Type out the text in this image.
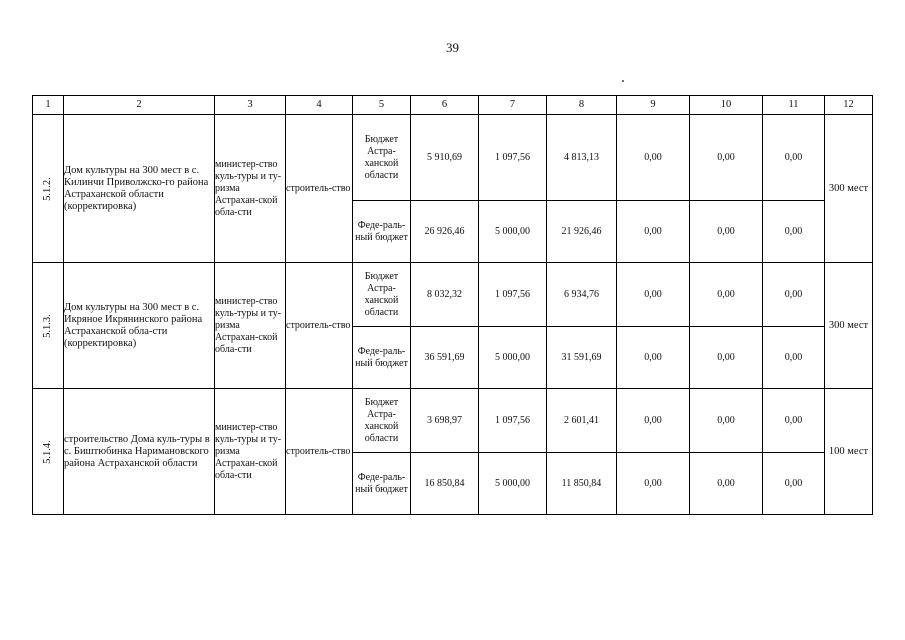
39
1	2	3	4	5	6	7	8	9	10	11	12
5.1.2.	Дом культуры на 300 мест в с. Килинчи Приволжско-го района Астраханской области (корректировка)	министер-ство куль-туры и ту-ризма Астрахан-ской обла-сти	строитель-ство	Бюджет Астра-ханской области	5 910,69	1 097,56	4 813,13	0,00	0,00	0,00	300 мест
				Феде-раль-ный бюджет	26 926,46	5 000,00	21 926,46	0,00	0,00	0,00	
5.1.3.	Дом культуры на 300 мест в с. Икряное Икрянинского района Астраханской обла-сти (корректировка)	министер-ство куль-туры и ту-ризма Астрахан-ской обла-сти	строитель-ство	Бюджет Астра-ханской области	8 032,32	1 097,56	6 934,76	0,00	0,00	0,00	300 мест
				Феде-раль-ный бюджет	36 591,69	5 000,00	31 591,69	0,00	0,00	0,00	
5.1.4.	строительство Дома куль-туры в с. Биштюбинка Наримановского района Астраханской области	министер-ство куль-туры и ту-ризма Астрахан-ской обла-сти	строитель-ство	Бюджет Астра-ханской области	3 698,97	1 097,56	2 601,41	0,00	0,00	0,00	100 мест
				Феде-раль-ный бюджет	16 850,84	5 000,00	11 850,84	0,00	0,00	0,00	
